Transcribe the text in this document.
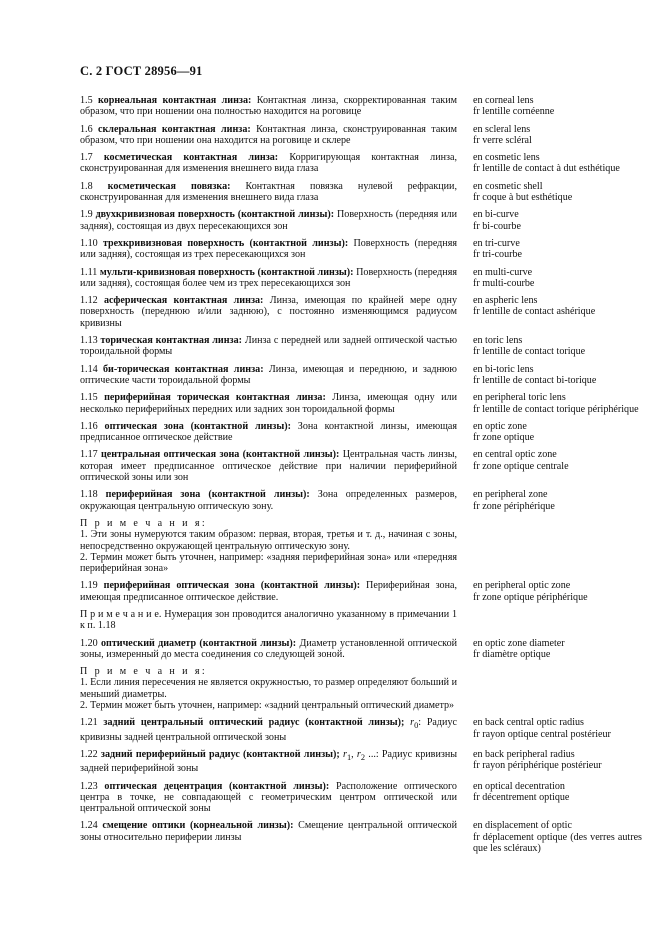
С. 2 ГОСТ 28956—91
1.5 корнеальная контактная линза: Контактная линза, скорректированная таким образом, что при ношении она полностью находится на роговице
en corneal lens
fr lentille cornéenne
1.6 склеральная контактная линза: Контактная линза, сконструированная таким образом, что при ношении она находится на роговице и склере
en scleral lens
fr verre scléral
1.7 косметическая контактная линза: Корригирующая контактная линза, сконструированная для изменения внешнего вида глаза
en cosmetic lens
fr lentille de contact à dut esthétique
1.8 косметическая повязка: Контактная повязка нулевой рефракции, сконструированная для изменения внешнего вида глаза
en cosmetic shell
fr coque à but esthétique
1.9 двухкривизновая поверхность (контактной линзы): Поверхность (передняя или задняя), состоящая из двух пересекающихся зон
en bi-curve
fr bi-courbe
1.10 трехкривизновая поверхность (контактной линзы): Поверхность (передняя или задняя), состоящая из трех пересекающихся зон
en tri-curve
fr tri-courbe
1.11 мульти-кривизновая поверхность (контактной линзы): Поверхность (передняя или задняя), состоящая более чем из трех пересекающихся зон
en multi-curve
fr multi-courbe
1.12 асферическая контактная линза: Линза, имеющая по крайней мере одну поверхность (переднюю и/или заднюю), с постоянно изменяющимся радиусом кривизны
en aspheric lens
fr lentille de contact ashérique
1.13 торическая контактная линза: Линза с передней или задней оптической частью тороидальной формы
en toric lens
fr lentille de contact torique
1.14 би-торическая контактная линза: Линза, имеющая и переднюю, и заднюю оптические части тороидальной формы
en bi-toric lens
fr lentille de contact bi-torique
1.15 периферийная торическая контактная линза: Линза, имеющая одну или несколько периферийных передних или задних зон тороидальной формы
en peripheral toric lens
fr lentille de contact torique périphérique
1.16 оптическая зона (контактной линзы): Зона контактной линзы, имеющая предписанное оптическое действие
en optic zone
fr zone optique
1.17 центральная оптическая зона (контактной линзы): Центральная часть линзы, которая имеет предписанное оптическое действие при наличии периферийной оптической зоны или зон
en central optic zone
fr zone optique centrale
1.18 периферийная зона (контактной линзы): Зона определенных размеров, окружающая центральную оптическую зону.
en peripheral zone
fr zone périphérique
П р и м е ч а н и я:
1. Эти зоны нумеруются таким образом: первая, вторая, третья и т. д., начиная с зоны, непосредственно окружающей центральную оптическую зону.
2. Термин может быть уточнен, например: «задняя периферийная зона» или «передняя периферийная зона»
1.19 периферийная оптическая зона (контактной линзы): Периферийная зона, имеющая предписанное оптическое действие.
en peripheral optic zone
fr zone optique périphérique
П р и м е ч а н и е. Нумерация зон проводится аналогично указанному в примечании 1 к п. 1.18
1.20 оптический диаметр (контактной линзы): Диаметр установленной оптической зоны, измеренный до места соединения со следующей зоной.
en optic zone diameter
fr diamètre optique
П р и м е ч а н и я:
1. Если линия пересечения не является окружностью, то размер определяют больший и меньший диаметры.
2. Термин может быть уточнен, например: «задний центральный оптический диаметр»
1.21 задний центральный оптический радиус (контактной линзы); $r_0$: Радиус кривизны задней центральной оптической зоны
en back central optic radius
fr rayon optique central postérieur
1.22 задний периферийный радиус (контактной линзы); $r_1$, $r_2$ ...: Радиус кривизны задней периферийной зоны
en back peripheral radius
fr rayon périphérique postérieur
1.23 оптическая децентрация (контактной линзы): Расположение оптического центра в точке, не совпадающей с геометрическим центром оптической или центральной оптической зоны
en optical decentration
fr décentrement optique
1.24 смещение оптики (корнеальной линзы): Смещение центральной оптической зоны относительно периферии линзы
en displacement of optic
fr déplacement optique (des verres autres que les scléraux)
